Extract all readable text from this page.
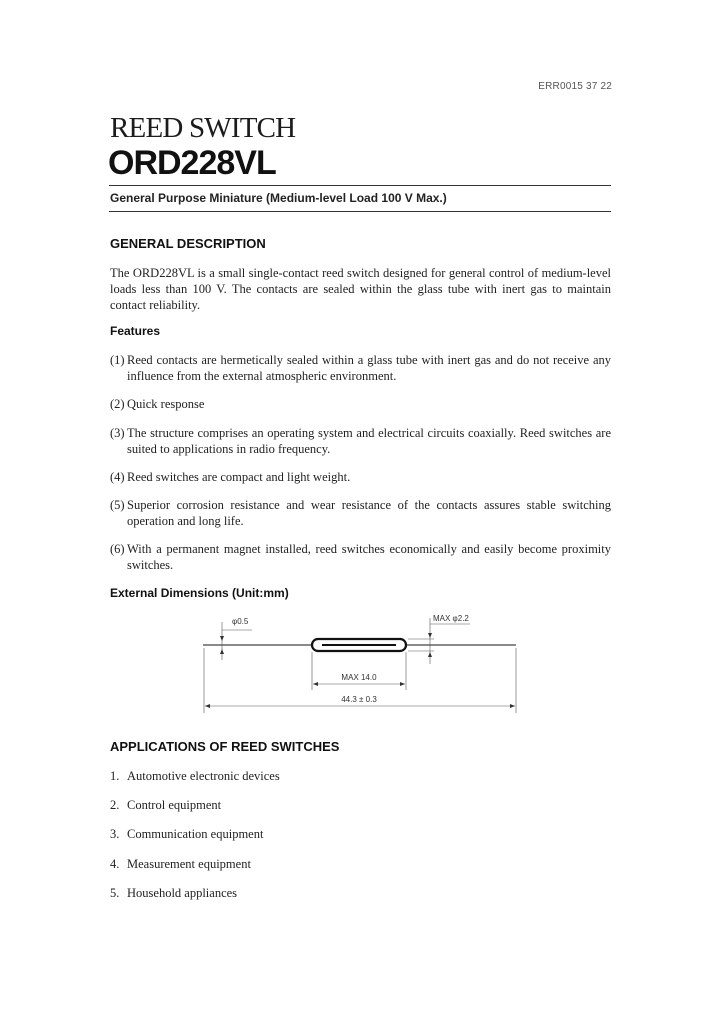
ERR0015 37 22
REED SWITCH
ORD228VL
General Purpose Miniature (Medium-level Load 100 V Max.)
GENERAL DESCRIPTION
The ORD228VL is a small single-contact reed switch designed for general control of medium-level loads less than 100 V. The contacts are sealed within the glass tube with inert gas to maintain contact reliability.
Features
(1) Reed contacts are hermetically sealed within a glass tube with inert gas and do not receive any influence from the external atmospheric environment.
(2) Quick response
(3) The structure comprises an operating system and electrical circuits coaxially. Reed switches are suited to applications in radio frequency.
(4) Reed switches are compact and light weight.
(5) Superior corrosion resistance and wear resistance of the contacts assures stable switching operation and long life.
(6) With a permanent magnet installed, reed switches economically and easily become proximity switches.
External Dimensions (Unit:mm)
φ0.5	MAX φ2.2
MAX 14.0
44.3 ± 0.3
APPLICATIONS OF REED SWITCHES
1. Automotive electronic devices
2. Control equipment
3. Communication equipment
4. Measurement equipment
5. Household appliances
